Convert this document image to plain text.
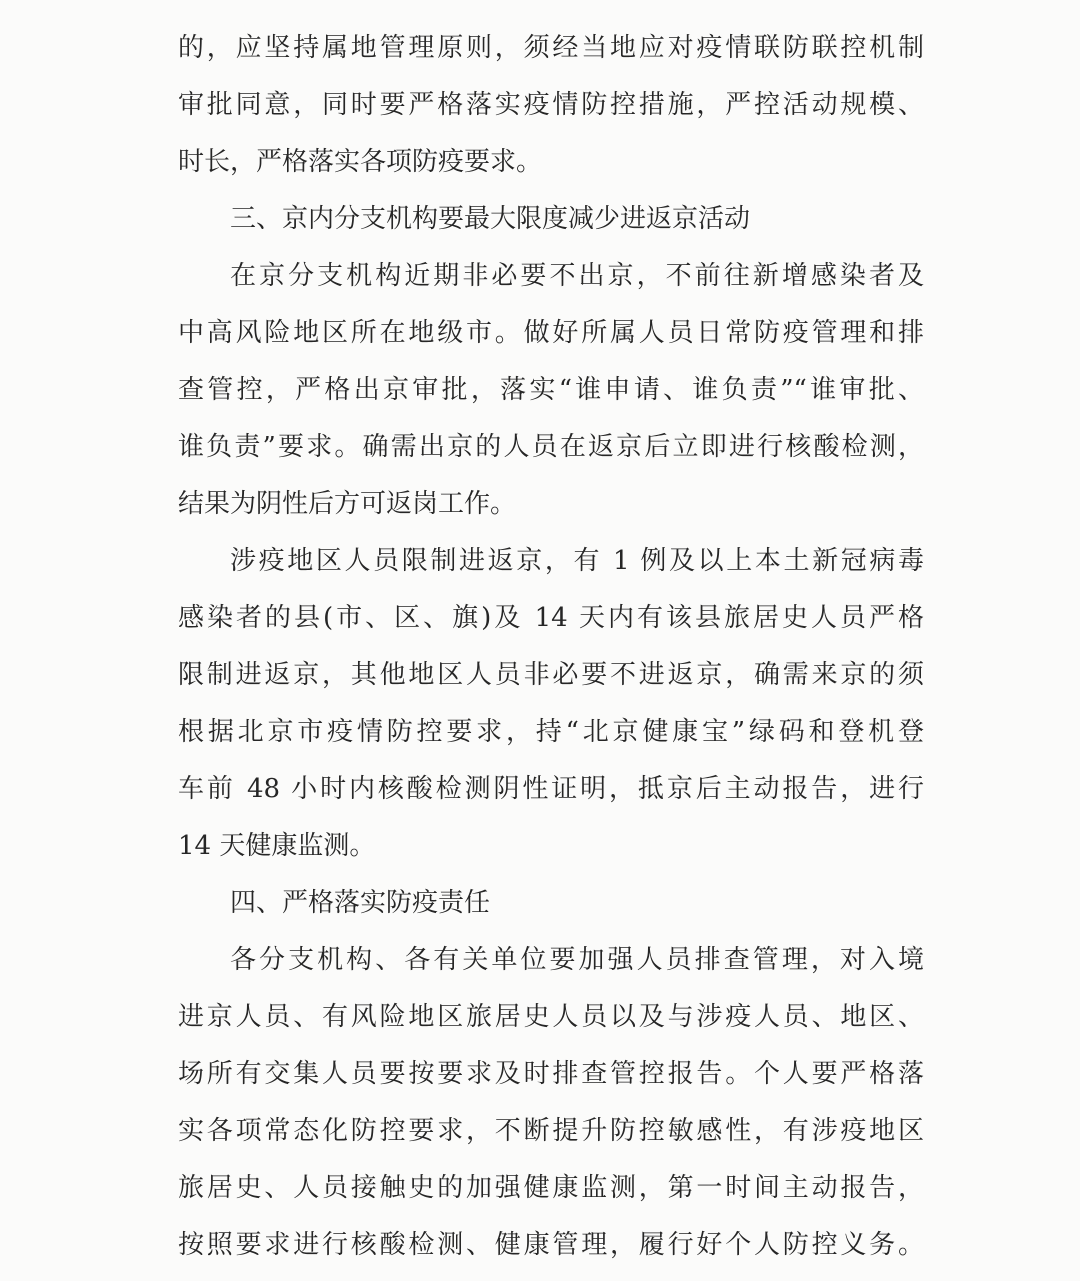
的，应坚持属地管理原则，须经当地应对疫情联防联控机制

审批同意，同时要严格落实疫情防控措施，严控活动规模、

时长，严格落实各项防疫要求。

三、京内分支机构要最大限度减少进返京活动

在京分支机构近期非必要不出京，不前往新增感染者及

中高风险地区所在地级市。做好所属人员日常防疫管理和排

查管控，严格出京审批，落实“谁申请、谁负责”“谁审批、

谁负责”要求。确需出京的人员在返京后立即进行核酸检测，

结果为阴性后方可返岗工作。

涉疫地区人员限制进返京，有 1 例及以上本土新冠病毒

感染者的县(市、区、旗)及 14 天内有该县旅居史人员严格

限制进返京，其他地区人员非必要不进返京，确需来京的须

根据北京市疫情防控要求，持“北京健康宝”绿码和登机登

车前 48 小时内核酸检测阴性证明，抵京后主动报告，进行

14 天健康监测。

四、严格落实防疫责任

各分支机构、各有关单位要加强人员排查管理，对入境

进京人员、有风险地区旅居史人员以及与涉疫人员、地区、

场所有交集人员要按要求及时排查管控报告。个人要严格落

实各项常态化防控要求，不断提升防控敏感性，有涉疫地区

旅居史、人员接触史的加强健康监测，第一时间主动报告，

按照要求进行核酸检测、健康管理，履行好个人防控义务。
